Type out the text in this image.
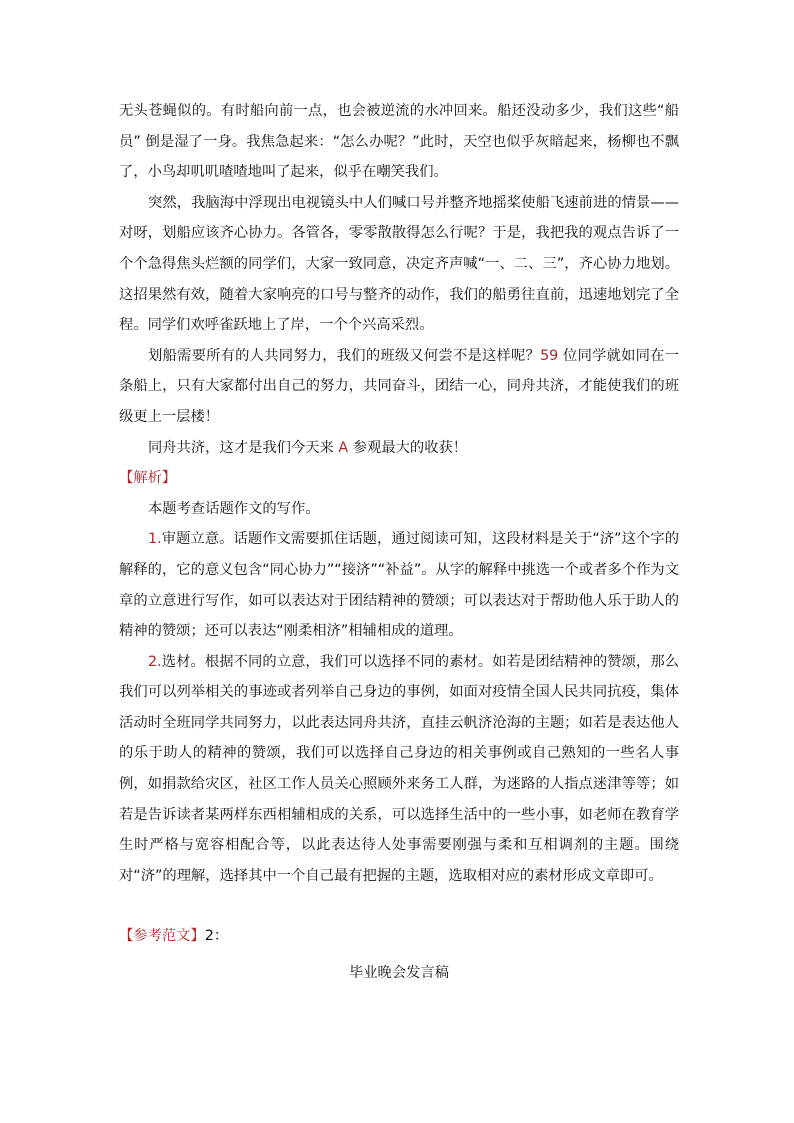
无头苍蝇似的。有时船向前一点，也会被逆流的水冲回来。船还没动多少，我们这些“船员” 倒是湿了一身。我焦急起来：“怎么办呢？”此时，天空也似乎灰暗起来，杨柳也不飘了，小鸟却叽叽喳喳地叫了起来，似乎在嘲笑我们。

突然，我脑海中浮现出电视镜头中人们喊口号并整齐地摇桨使船飞速前进的情景——对呀，划船应该齐心协力。各管各，零零散散得怎么行呢？于是，我把我的观点告诉了一个个急得焦头烂额的同学们，大家一致同意，决定齐声喊“一、二、三”，齐心协力地划。这招果然有效，随着大家响亮的口号与整齐的动作，我们的船勇往直前，迅速地划完了全程。同学们欢呼雀跃地上了岸，一个个兴高采烈。

划船需要所有的人共同努力，我们的班级又何尝不是这样呢？59 位同学就如同在一条船上，只有大家都付出自己的努力，共同奋斗，团结一心，同舟共济，才能使我们的班级更上一层楼！

同舟共济，这才是我们今天来 A 参观最大的收获！

【解析】

本题考查话题作文的写作。

1.审题立意。话题作文需要抓住话题，通过阅读可知，这段材料是关于“济”这个字的解释的，它的意义包含“同心协力”“接济”“补益”。从字的解释中挑选一个或者多个作为文章的立意进行写作，如可以表达对于团结精神的赞颂；可以表达对于帮助他人乐于助人的精神的赞颂；还可以表达“刚柔相济”相辅相成的道理。

2.选材。根据不同的立意，我们可以选择不同的素材。如若是团结精神的赞颂，那么我们可以列举相关的事迹或者列举自己身边的事例，如面对疫情全国人民共同抗疫，集体活动时全班同学共同努力，以此表达同舟共济，直挂云帆济沧海的主题；如若是表达他人的乐于助人的精神的赞颂，我们可以选择自己身边的相关事例或自己熟知的一些名人事例，如捐款给灾区，社区工作人员关心照顾外来务工人群，为迷路的人指点迷津等等；如若是告诉读者某两样东西相辅相成的关系，可以选择生活中的一些小事，如老师在教育学生时严格与宽容相配合等，以此表达待人处事需要刚强与柔和互相调剂的主题。围绕对“济”的理解，选择其中一个自己最有把握的主题，选取相对应的素材形成文章即可。

【参考范文】2：

毕业晚会发言稿
